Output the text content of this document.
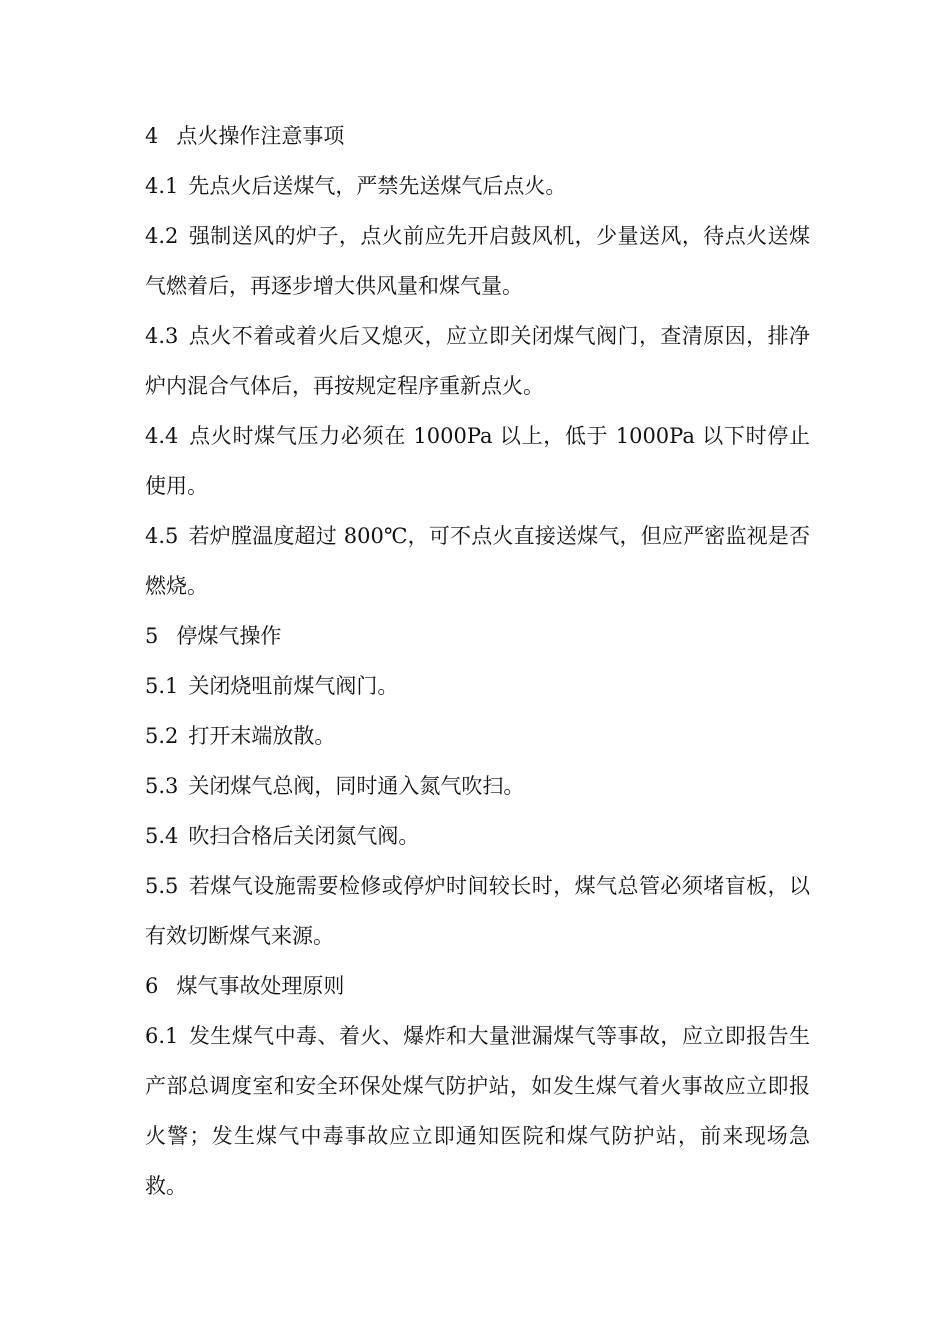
4 点火操作注意事项

4.1 先点火后送煤气，严禁先送煤气后点火。

4.2 强制送风的炉子，点火前应先开启鼓风机，少量送风，待点火送煤气燃着后，再逐步增大供风量和煤气量。

4.3 点火不着或着火后又熄灭，应立即关闭煤气阀门，查清原因，排净炉内混合气体后，再按规定程序重新点火。

4.4 点火时煤气压力必须在 1000Pa 以上，低于 1000Pa 以下时停止使用。

4.5 若炉膛温度超过 800℃，可不点火直接送煤气，但应严密监视是否燃烧。

5 停煤气操作

5.1 关闭烧咀前煤气阀门。

5.2 打开末端放散。

5.3 关闭煤气总阀，同时通入氮气吹扫。

5.4 吹扫合格后关闭氮气阀。

5.5 若煤气设施需要检修或停炉时间较长时，煤气总管必须堵盲板，以有效切断煤气来源。

6 煤气事故处理原则

6.1 发生煤气中毒、着火、爆炸和大量泄漏煤气等事故，应立即报告生产部总调度室和安全环保处煤气防护站，如发生煤气着火事故应立即报火警；发生煤气中毒事故应立即通知医院和煤气防护站，前来现场急救。
